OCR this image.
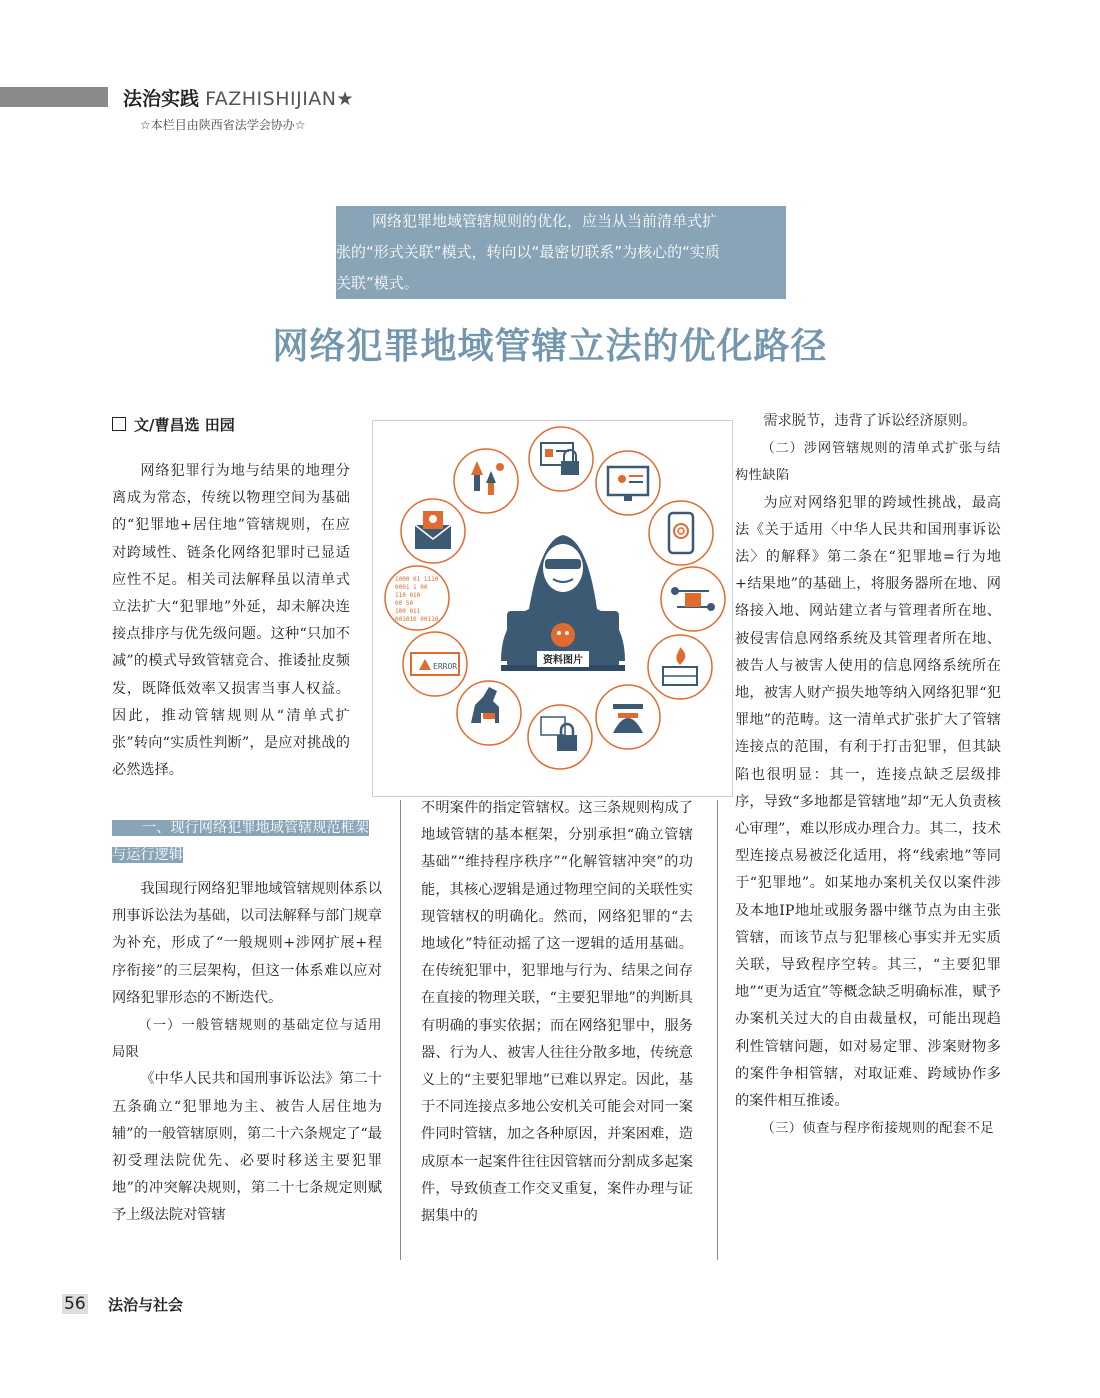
法治实践 FAZHISHIJIAN★
☆本栏目由陕西省法学会协办☆
网络犯罪地域管辖规则的优化，应当从当前清单式扩
张的“形式关联”模式，转向以“最密切联系”为核心的“实质
关联”模式。
网络犯罪地域管辖立法的优化路径
文/曹昌选 田园

网络犯罪行为地与结果的地理分离成为常态，传统以物理空间为基础的“犯罪地+居住地”管辖规则，在应对跨域性、链条化网络犯罪时已显适应性不足。相关司法解释虽以清单式立法扩大“犯罪地”外延，却未解决连接点排序与优先级问题。这种“只加不减”的模式导致管辖竞合、推诿扯皮频发，既降低效率又损害当事人权益。因此，推动管辖规则从“清单式扩张”转向“实质性判断”，是应对挑战的必然选择。

一、现行网络犯罪地域管辖规范框架与运行逻辑

我国现行网络犯罪地域管辖规则体系以刑事诉讼法为基础，以司法解释与部门规章为补充，形成了“一般规则+涉网扩展+程序衔接”的三层架构，但这一体系难以应对网络犯罪形态的不断迭代。

（一）一般管辖规则的基础定位与适用局限

《中华人民共和国刑事诉讼法》第二十五条确立“犯罪地为主、被告人居住地为辅”的一般管辖原则，第二十六条规定了“最初受理法院优先、必要时移送主要犯罪地”的冲突解决规则，第二十七条规定则赋予上级法院对管辖

不明案件的指定管辖权。这三条规则构成了地域管辖的基本框架，分别承担“确立管辖基础”“维持程序秩序”“化解管辖冲突”的功能，其核心逻辑是通过物理空间的关联性实现管辖权的明确化。然而，网络犯罪的“去地域化”特征动摇了这一逻辑的适用基础。在传统犯罪中，犯罪地与行为、结果之间存在直接的物理关联，“主要犯罪地”的判断具有明确的事实依据；而在网络犯罪中，服务器、行为人、被害人往往分散多地，传统意义上的“主要犯罪地”已难以界定。因此，基于不同连接点多地公安机关可能会对同一案件同时管辖，加之各种原因，并案困难，造成原本一起案件往往因管辖而分割成多起案件，导致侦查工作交叉重复，案件办理与证据集中的

需求脱节，违背了诉讼经济原则。

（二）涉网管辖规则的清单式扩张与结构性缺陷

为应对网络犯罪的跨域性挑战，最高法《关于适用〈中华人民共和国刑事诉讼法〉的解释》第二条在“犯罪地=行为地+结果地”的基础上，将服务器所在地、网络接入地、网站建立者与管理者所在地、被侵害信息网络系统及其管理者所在地、被告人与被害人使用的信息网络系统所在地，被害人财产损失地等纳入网络犯罪“犯罪地”的范畴。这一清单式扩张扩大了管辖连接点的范围，有利于打击犯罪，但其缺陷也很明显：其一，连接点缺乏层级排序，导致“多地都是管辖地”却“无人负责核心审理”，难以形成办理合力。其二，技术型连接点易被泛化适用，将“线索地”等同于“犯罪地”。如某地办案机关仅以案件涉及本地IP地址或服务器中继节点为由主张管辖，而该节点与犯罪核心事实并无实质关联，导致程序空转。其三，“主要犯罪地”“更为适宜”等概念缺乏明确标准，赋予办案机关过大的自由裁量权，可能出现趋利性管辖问题，如对易定罪、涉案财物多的案件争相管辖，对取证难、跨域协作多的案件相互推诿。

（三）侦查与程序衔接规则的配套不足

ERROR
1000 01 1110
0001 1 00
110 010
00 50
100 011
001010 00110
资料图片
56 法治与社会
